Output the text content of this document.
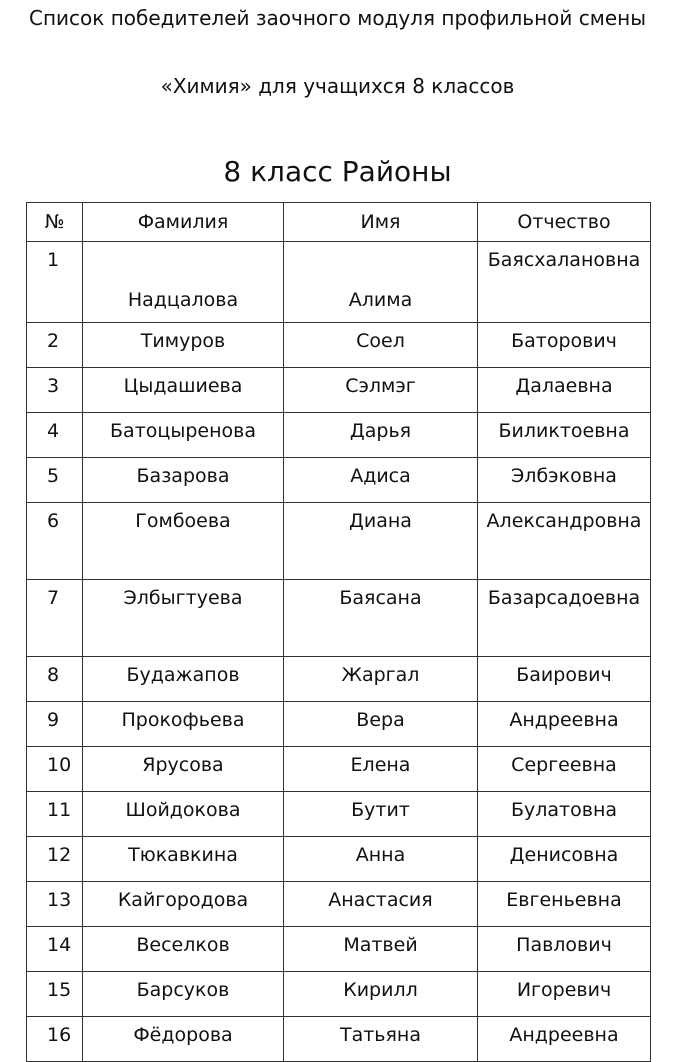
Список победителей заочного модуля профильной смены
«Химия» для учащихся 8 классов
8 класс Районы
№	Фамилия	Имя	Отчество
1	Надцалова	Алима	Баясхалановна
2	Тимуров	Соел	Баторович
3	Цыдашиева	Сэлмэг	Далаевна
4	Батоцыренова	Дарья	Биликтоевна
5	Базарова	Адиса	Элбэковна
6	Гомбоева	Диана	Александровна
7	Элбыгтуева	Баясана	Базарсадоевна
8	Будажапов	Жаргал	Баирович
9	Прокофьева	Вера	Андреевна
10	Ярусова	Елена	Сергеевна
11	Шойдокова	Бутит	Булатовна
12	Тюкавкина	Анна	Денисовна
13	Кайгородова	Анастасия	Евгеньевна
14	Веселков	Матвей	Павлович
15	Барсуков	Кирилл	Игоревич
16	Фёдорова	Татьяна	Андреевна
